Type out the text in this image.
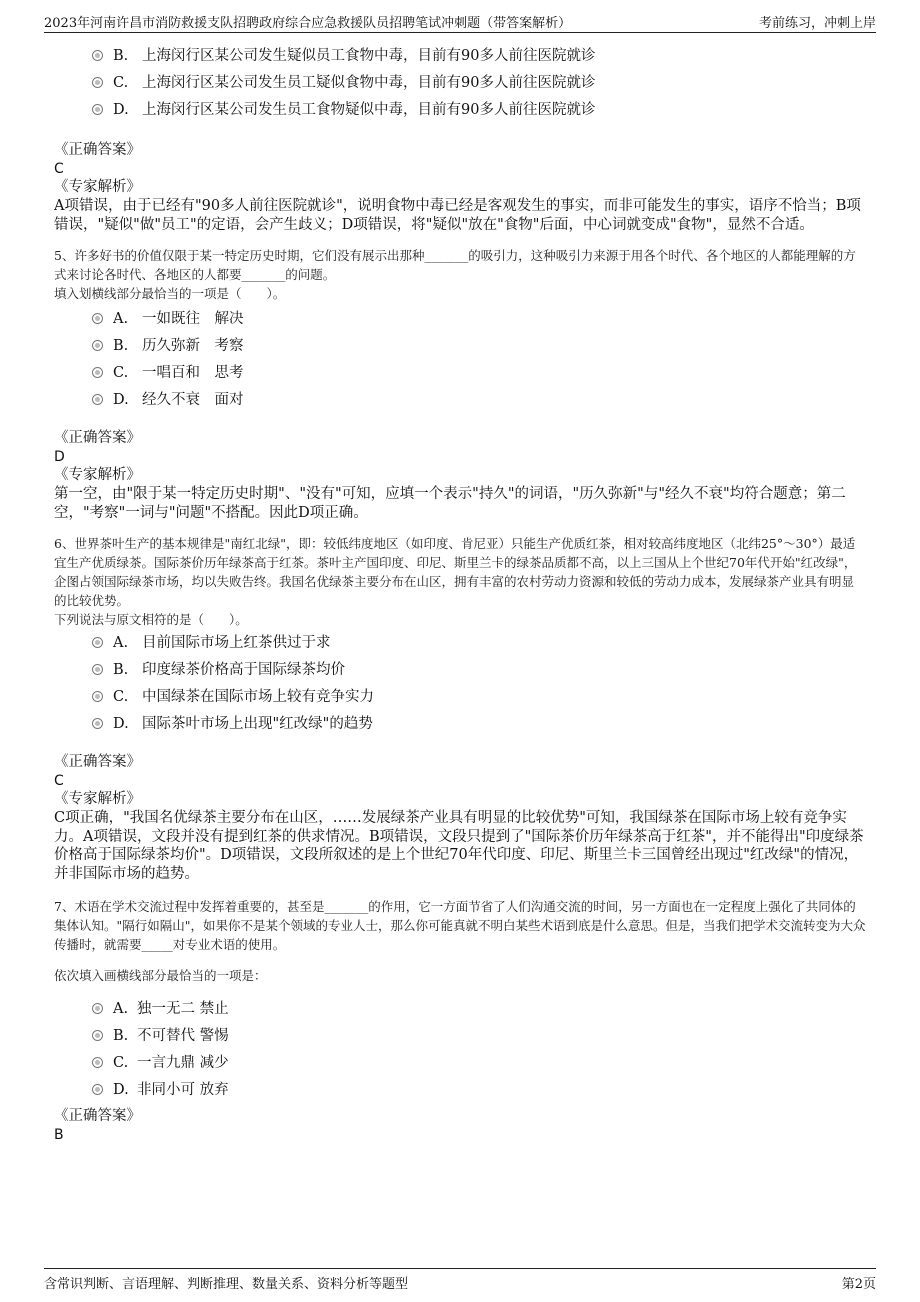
2023年河南许昌市消防救援支队招聘政府综合应急救援队员招聘笔试冲刺题（带答案解析）	考前练习，冲刺上岸
B. 上海闵行区某公司发生疑似员工食物中毒，目前有90多人前往医院就诊
C. 上海闵行区某公司发生员工疑似食物中毒，目前有90多人前往医院就诊
D. 上海闵行区某公司发生员工食物疑似中毒，目前有90多人前往医院就诊
《正确答案》
C
《专家解析》
A项错误，由于已经有"90多人前往医院就诊"，说明食物中毒已经是客观发生的事实，而非可能发生的事实，语序不恰当；B项错误，"疑似"做"员工"的定语，会产生歧义；D项错误，将"疑似"放在"食物"后面，中心词就变成"食物"，显然不合适。
5、许多好书的价值仅限于某一特定历史时期，它们没有展示出那种_______的吸引力，这种吸引力来源于用各个时代、各个地区的人都能理解的方式来讨论各时代、各地区的人都要_______的问题。
填入划横线部分最恰当的一项是（　　）。
A. 一如既往　解决
B. 历久弥新　考察
C. 一唱百和　思考
D. 经久不衰　面对
《正确答案》
D
《专家解析》
第一空，由"限于某一特定历史时期"、"没有"可知，应填一个表示"持久"的词语，"历久弥新"与"经久不衰"均符合题意；第二空，"考察"一词与"问题"不搭配。因此D项正确。
6、世界茶叶生产的基本规律是"南红北绿"，即：较低纬度地区（如印度、肯尼亚）只能生产优质红茶，相对较高纬度地区（北纬25°～30°）最适宜生产优质绿茶。国际茶价历年绿茶高于红茶。茶叶主产国印度、印尼、斯里兰卡的绿茶品质都不高，以上三国从上个世纪70年代开始"红改绿"，企图占领国际绿茶市场，均以失败告终。我国名优绿茶主要分布在山区，拥有丰富的农村劳动力资源和较低的劳动力成本，发展绿茶产业具有明显的比较优势。
下列说法与原文相符的是（　　）。
A. 目前国际市场上红茶供过于求
B. 印度绿茶价格高于国际绿茶均价
C. 中国绿茶在国际市场上较有竞争实力
D. 国际茶叶市场上出现"红改绿"的趋势
《正确答案》
C
《专家解析》
C项正确，"我国名优绿茶主要分布在山区，……发展绿茶产业具有明显的比较优势"可知，我国绿茶在国际市场上较有竞争实力。A项错误，文段并没有提到红茶的供求情况。B项错误，文段只提到了"国际茶价历年绿茶高于红茶"，并不能得出"印度绿茶价格高于国际绿茶均价"。D项错误，文段所叙述的是上个世纪70年代印度、印尼、斯里兰卡三国曾经出现过"红改绿"的情况，并非国际市场的趋势。
7、术语在学术交流过程中发挥着重要的，甚至是_______的作用，它一方面节省了人们沟通交流的时间，另一方面也在一定程度上强化了共同体的集体认知。"隔行如隔山"，如果你不是某个领域的专业人士，那么你可能真就不明白某些术语到底是什么意思。但是，当我们把学术交流转变为大众传播时，就需要_____对专业术语的使用。
依次填入画横线部分最恰当的一项是：
A. 独一无二 禁止
B. 不可替代 警惕
C. 一言九鼎 减少
D. 非同小可 放弃
《正确答案》
B
含常识判断、言语理解、判断推理、数量关系、资料分析等题型	第2页
